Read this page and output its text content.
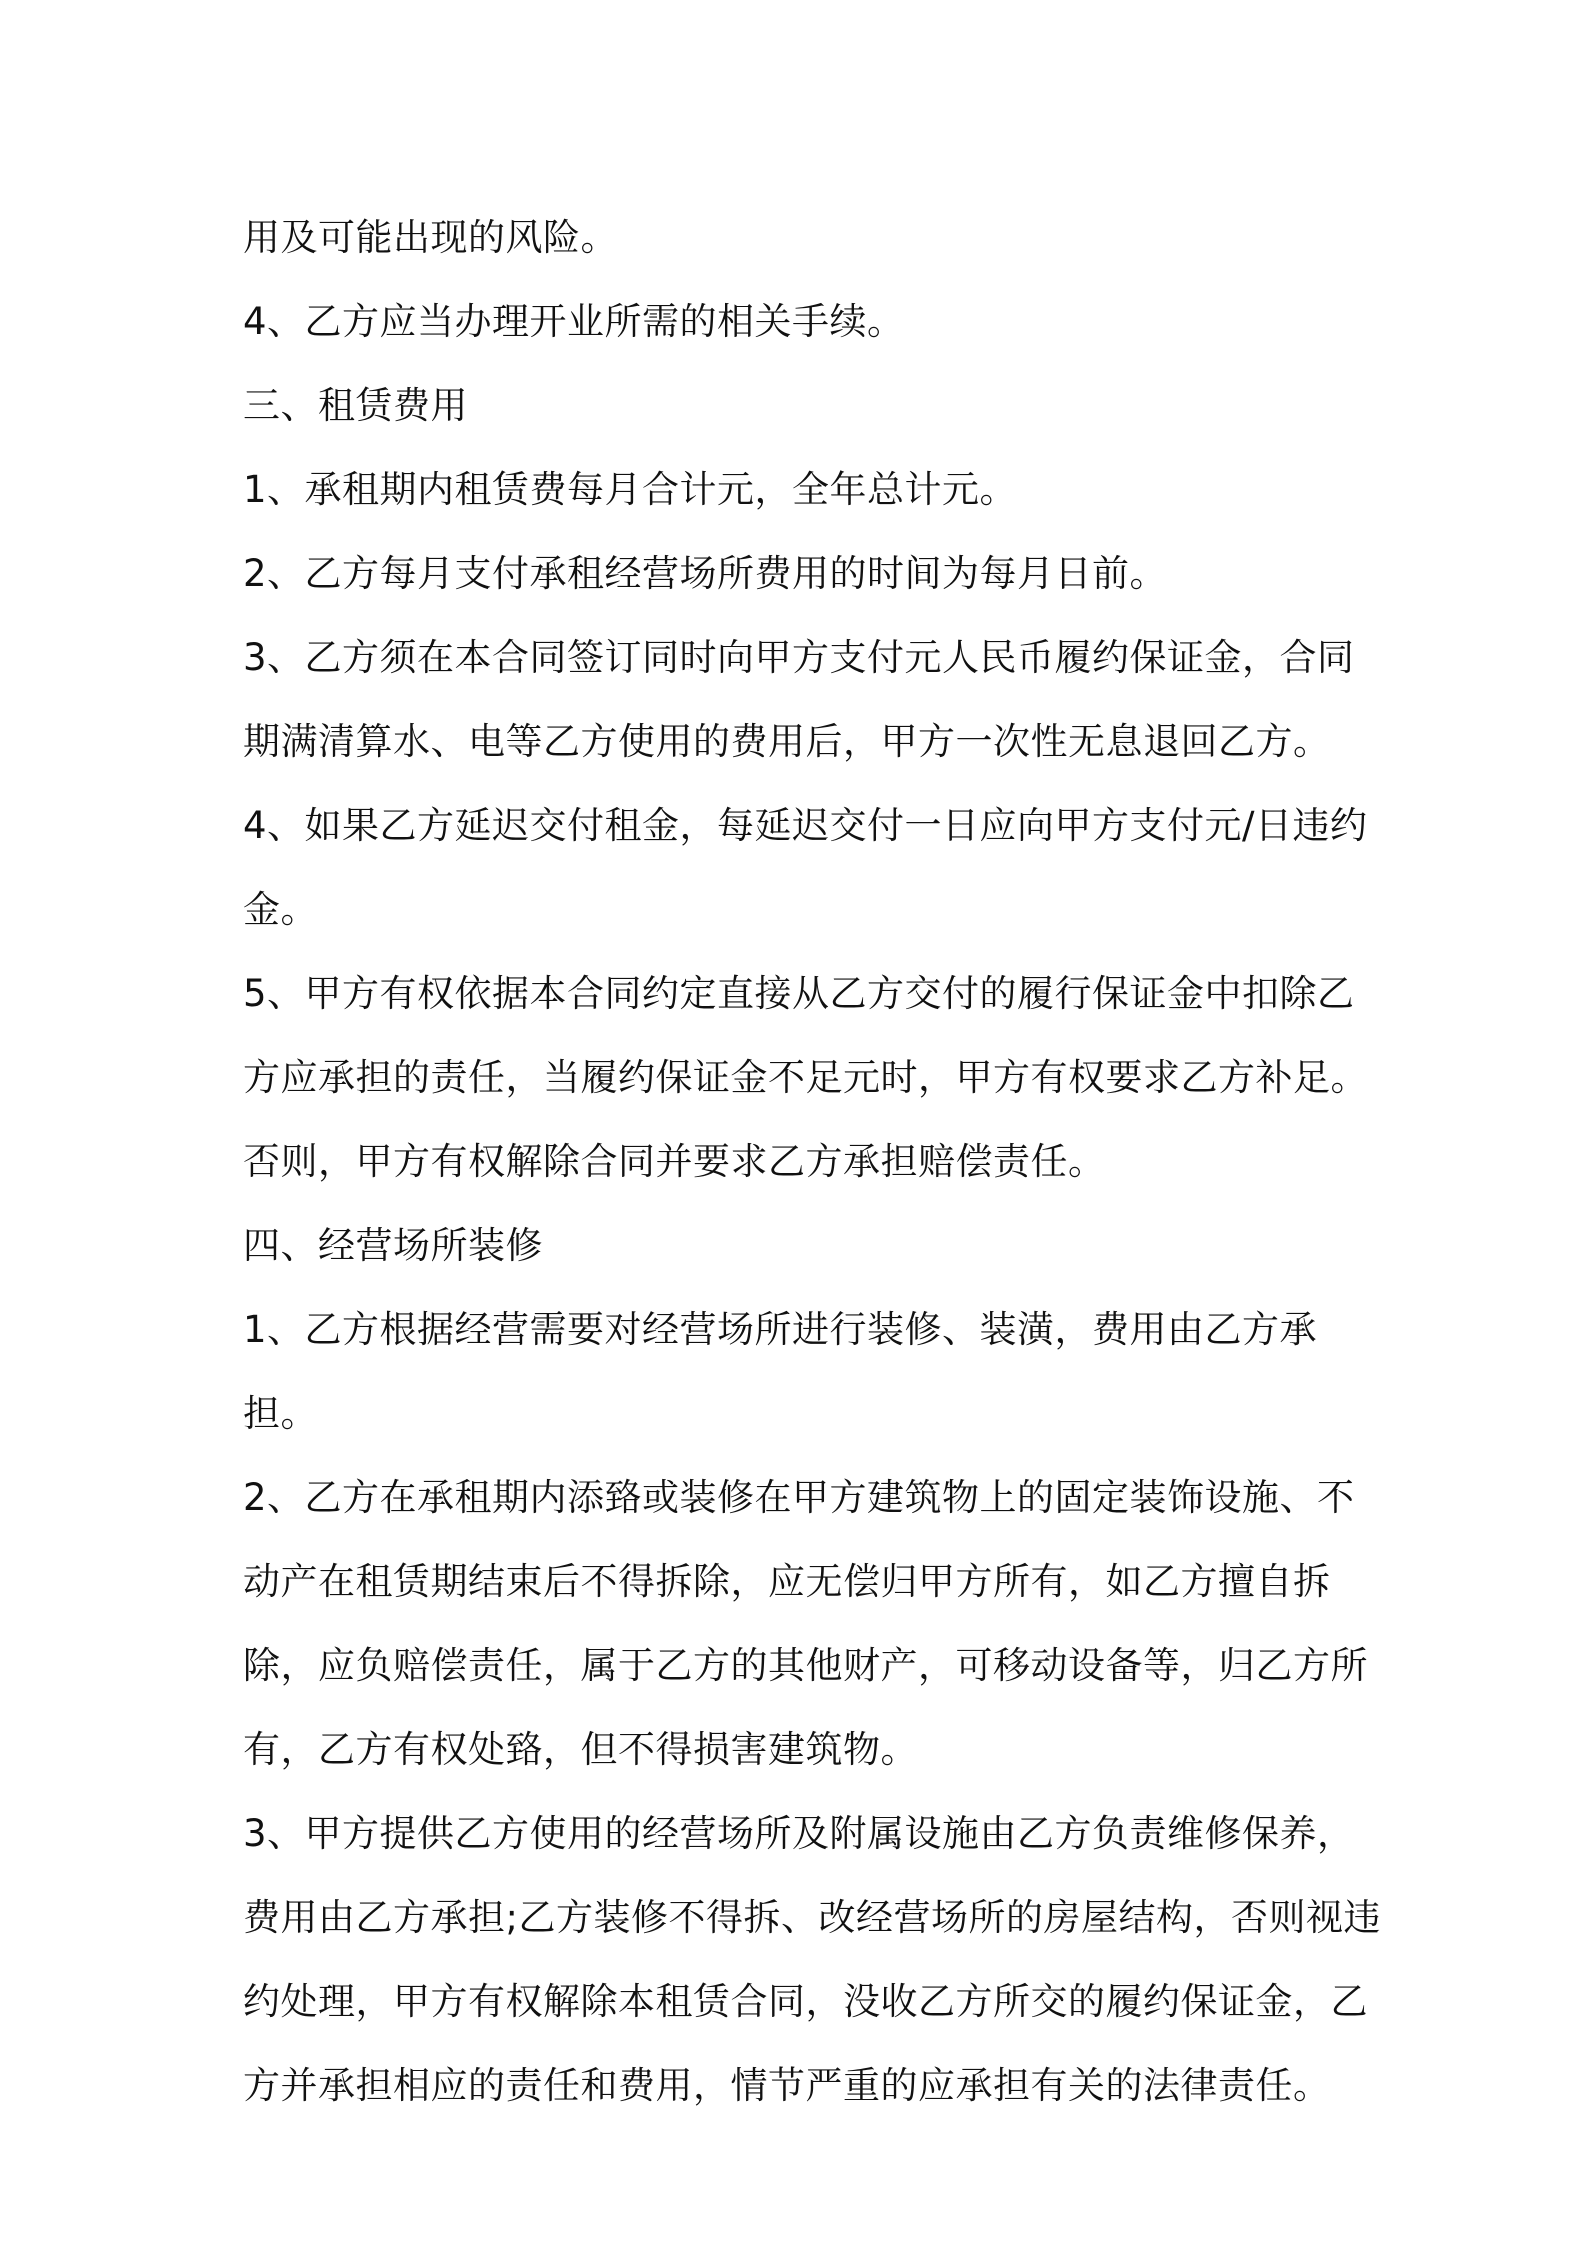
用及可能出现的风险。

4、乙方应当办理开业所需的相关手续。

三、租赁费用

1、承租期内租赁费每月合计元，全年总计元。

2、乙方每月支付承租经营场所费用的时间为每月日前。

3、乙方须在本合同签订同时向甲方支付元人民币履约保证金，合同期满清算水、电等乙方使用的费用后，甲方一次性无息退回乙方。

4、如果乙方延迟交付租金，每延迟交付一日应向甲方支付元/日违约金。

5、甲方有权依据本合同约定直接从乙方交付的履行保证金中扣除乙方应承担的责任，当履约保证金不足元时，甲方有权要求乙方补足。否则，甲方有权解除合同并要求乙方承担赔偿责任。

四、经营场所装修

1、乙方根据经营需要对经营场所进行装修、装潢，费用由乙方承担。

2、乙方在承租期内添臵或装修在甲方建筑物上的固定装饰设施、不动产在租赁期结束后不得拆除，应无偿归甲方所有，如乙方擅自拆除，应负赔偿责任，属于乙方的其他财产，可移动设备等，归乙方所有，乙方有权处臵，但不得损害建筑物。

3、甲方提供乙方使用的经营场所及附属设施由乙方负责维修保养，费用由乙方承担;乙方装修不得拆、改经营场所的房屋结构，否则视违约处理，甲方有权解除本租赁合同，没收乙方所交的履约保证金，乙方并承担相应的责任和费用，情节严重的应承担有关的法律责任。
